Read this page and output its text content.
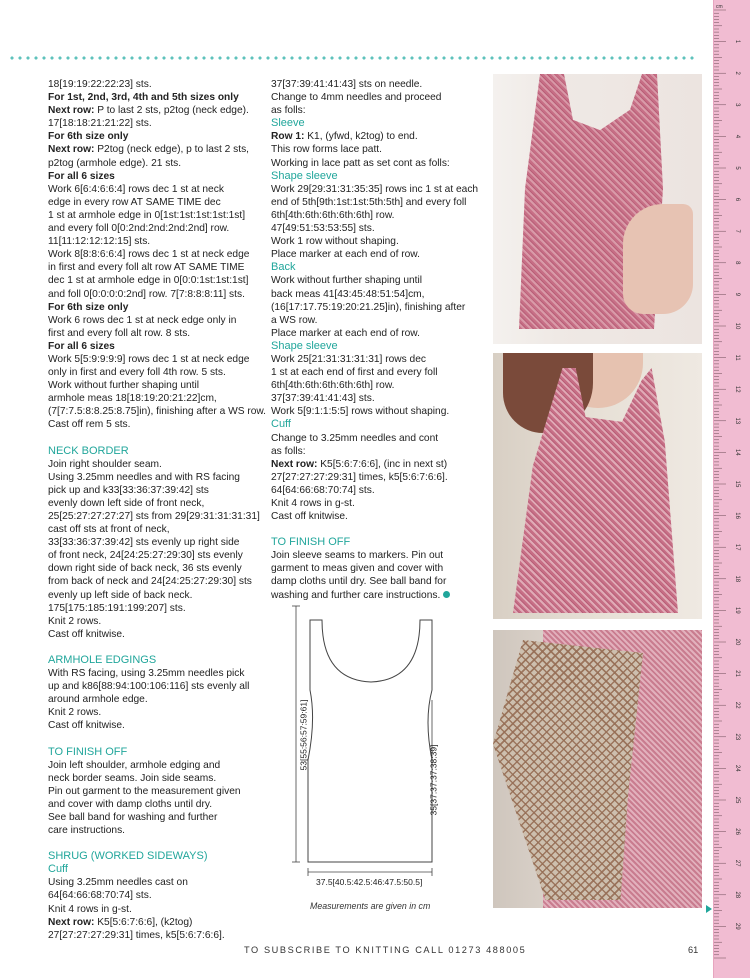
18[19:19:22:22:23] sts.

For 1st, 2nd, 3rd, 4th and 5th sizes only

Next row: P to last 2 sts, p2tog (neck edge).

17[18:18:21:21:22] sts.

For 6th size only

Next row: P2tog (neck edge), p to last 2 sts,

p2tog (armhole edge). 21 sts.

For all 6 sizes

Work 6[6:4:6:6:4] rows dec 1 st at neck

edge in every row AT SAME TIME dec

1 st at armhole edge in 0[1st:1st:1st:1st:1st]

and every foll 0[0:2nd:2nd:2nd:2nd] row.

11[11:12:12:12:15] sts.

Work 8[8:8:6:6:4] rows dec 1 st at neck edge

in first and every foll alt row AT SAME TIME

dec 1 st at armhole edge in 0[0:0:1st:1st:1st]

and foll 0[0:0:0:0:2nd] row. 7[7:8:8:8:11] sts.

For 6th size only

Work 6 rows dec 1 st at neck edge only in

first and every foll alt row. 8 sts.

For all 6 sizes

Work 5[5:9:9:9:9] rows dec 1 st at neck edge

only in first and every foll 4th row. 5 sts.

Work without further shaping until

armhole meas 18[18:19:20:21:22]cm,

(7[7:7.5:8:8.25:8.75]in), finishing after a WS row.

Cast off rem 5 sts.

NECK BORDER

Join right shoulder seam.

Using 3.25mm needles and with RS facing

pick up and k33[33:36:37:39:42] sts

evenly down left side of front neck,

25[25:27:27:27:27] sts from 29[29:31:31:31:31]

cast off sts at front of neck,

33[33:36:37:39:42] sts evenly up right side

of front neck, 24[24:25:27:29:30] sts evenly

down right side of back neck, 36 sts evenly

from back of neck and 24[24:25:27:29:30] sts

evenly up left side of back neck.

175[175:185:191:199:207] sts.

Knit 2 rows.

Cast off knitwise.

ARMHOLE EDGINGS

With RS facing, using 3.25mm needles pick

up and k86[88:94:100:106:116] sts evenly all

around armhole edge.

Knit 2 rows.

Cast off knitwise.

TO FINISH OFF

Join left shoulder, armhole edging and

neck border seams. Join side seams.

Pin out garment to the measurement given

and cover with damp cloths until dry.

See ball band for washing and further

care instructions.

SHRUG (WORKED SIDEWAYS)

Cuff

Using 3.25mm needles cast on

64[64:66:68:70:74] sts.

Knit 4 rows in g-st.

Next row: K5[5:6:7:6:6], (k2tog)

27[27:27:27:29:31] times, k5[5:6:7:6:6].

37[37:39:41:41:43] sts on needle.

Change to 4mm needles and proceed

as folls:

Sleeve

Row 1: K1, (yfwd, k2tog) to end.

This row forms lace patt.

Working in lace patt as set cont as folls:

Shape sleeve

Work 29[29:31:31:35:35] rows inc 1 st at each

end of 5th[9th:1st:1st:5th:5th] and every foll

6th[4th:6th:6th:6th:6th] row.

47[49:51:53:53:55] sts.

Work 1 row without shaping.

Place marker at each end of row.

Back

Work without further shaping until

back meas 41[43:45:48:51:54]cm,

(16[17:17.75:19:20:21.25]in), finishing after

a WS row.

Place marker at each end of row.

Shape sleeve

Work 25[21:31:31:31:31] rows dec

1 st at each end of first and every foll

6th[4th:6th:6th:6th:6th] row.

37[37:39:41:41:43] sts.

Work 5[9:1:1:5:5] rows without shaping.

Cuff

Change to 3.25mm needles and cont

as folls:

Next row: K5[5:6:7:6:6], (inc in next st)

27[27:27:27:29:31] times, k5[5:6:7:6:6].

64[64:66:68:70:74] sts.

Knit 4 rows in g-st.

Cast off knitwise.

TO FINISH OFF

Join sleeve seams to markers. Pin out

garment to meas given and cover with

damp cloths until dry. See ball band for

washing and further care instructions.

53[55:56:57:59:61]
35[37:37:37:38:39]
37.5[40.5:42.5:46:47.5:50.5]
Measurements are given in cm
TO SUBSCRIBE TO KNITTING CALL 01273 488005	61
cm
1
2
3
4
5
6
7
8
9
10
11
12
13
14
15
16
17
18
19
20
21
22
23
24
25
26
27
28
29
